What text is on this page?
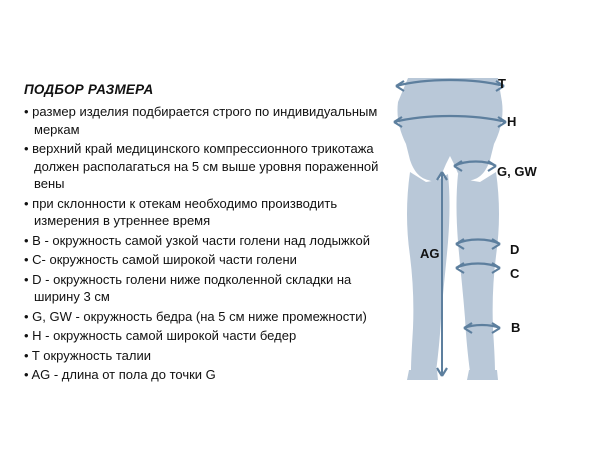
ПОДБОР РАЗМЕРА
• размер изделия подбирается строго по индивидуальным меркам
• верхний край медицинского компрессионного трикотажа должен располагаться на 5 см выше уровня пораженной вены
• при склонности к отекам необходимо производить измерения в утреннее время
• B - окружность самой узкой части голени над лодыжкой
• C- окружность самой широкой части голени
• D - окружность голени ниже подколенной складки на ширину 3 см
• G, GW - окружность бедра (на 5 см ниже промежности)
• H - окружность самой широкой части бедер
• T окружность талии
• AG - длина от пола до точки G
T
H
G, GW
AG	D
C
B
